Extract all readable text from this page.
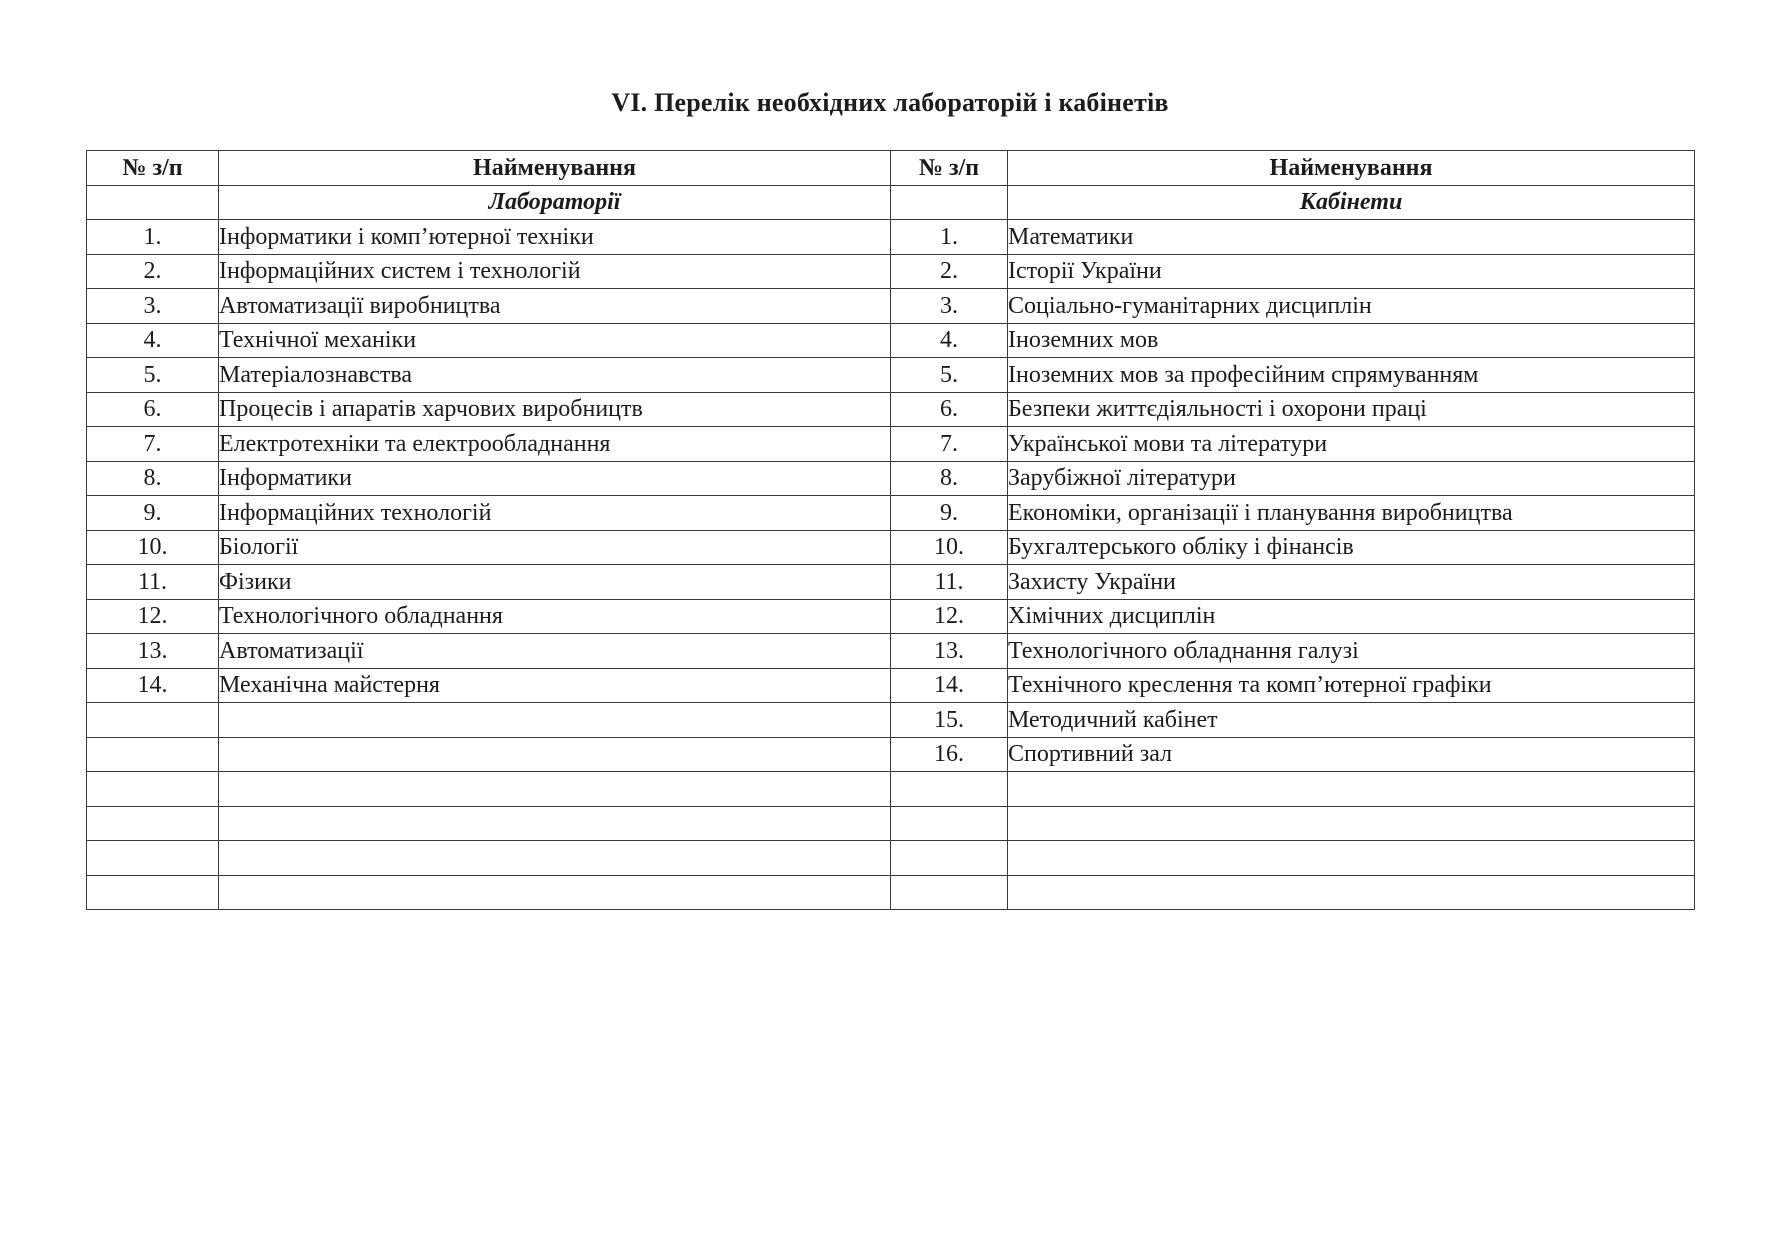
VI. Перелік необхідних лабораторій і кабінетів
№ з/п	Найменування	№ з/п	Найменування
	Лабораторії		Кабінети
1.	Інформатики і комп’ютерної техніки	1.	Математики
2.	Інформаційних систем і технологій	2.	Історії України
3.	Автоматизації виробництва	3.	Соціально-гуманітарних дисциплін
4.	Технічної механіки	4.	Іноземних мов
5.	Матеріалознавства	5.	Іноземних мов за професійним спрямуванням
6.	Процесів і апаратів харчових виробництв	6.	Безпеки життєдіяльності і охорони праці
7.	Електротехніки та електрообладнання	7.	Української мови та літератури
8.	Інформатики	8.	Зарубіжної літератури
9.	Інформаційних технологій	9.	Економіки, організації і планування виробництва
10.	Біології	10.	Бухгалтерського обліку і фінансів
11.	Фізики	11.	Захисту України
12.	Технологічного обладнання	12.	Хімічних дисциплін
13.	Автоматизації	13.	Технологічного обладнання галузі
14.	Механічна майстерня	14.	Технічного креслення та комп’ютерної графіки
		15.	Методичний кабінет
		16.	Спортивний зал
